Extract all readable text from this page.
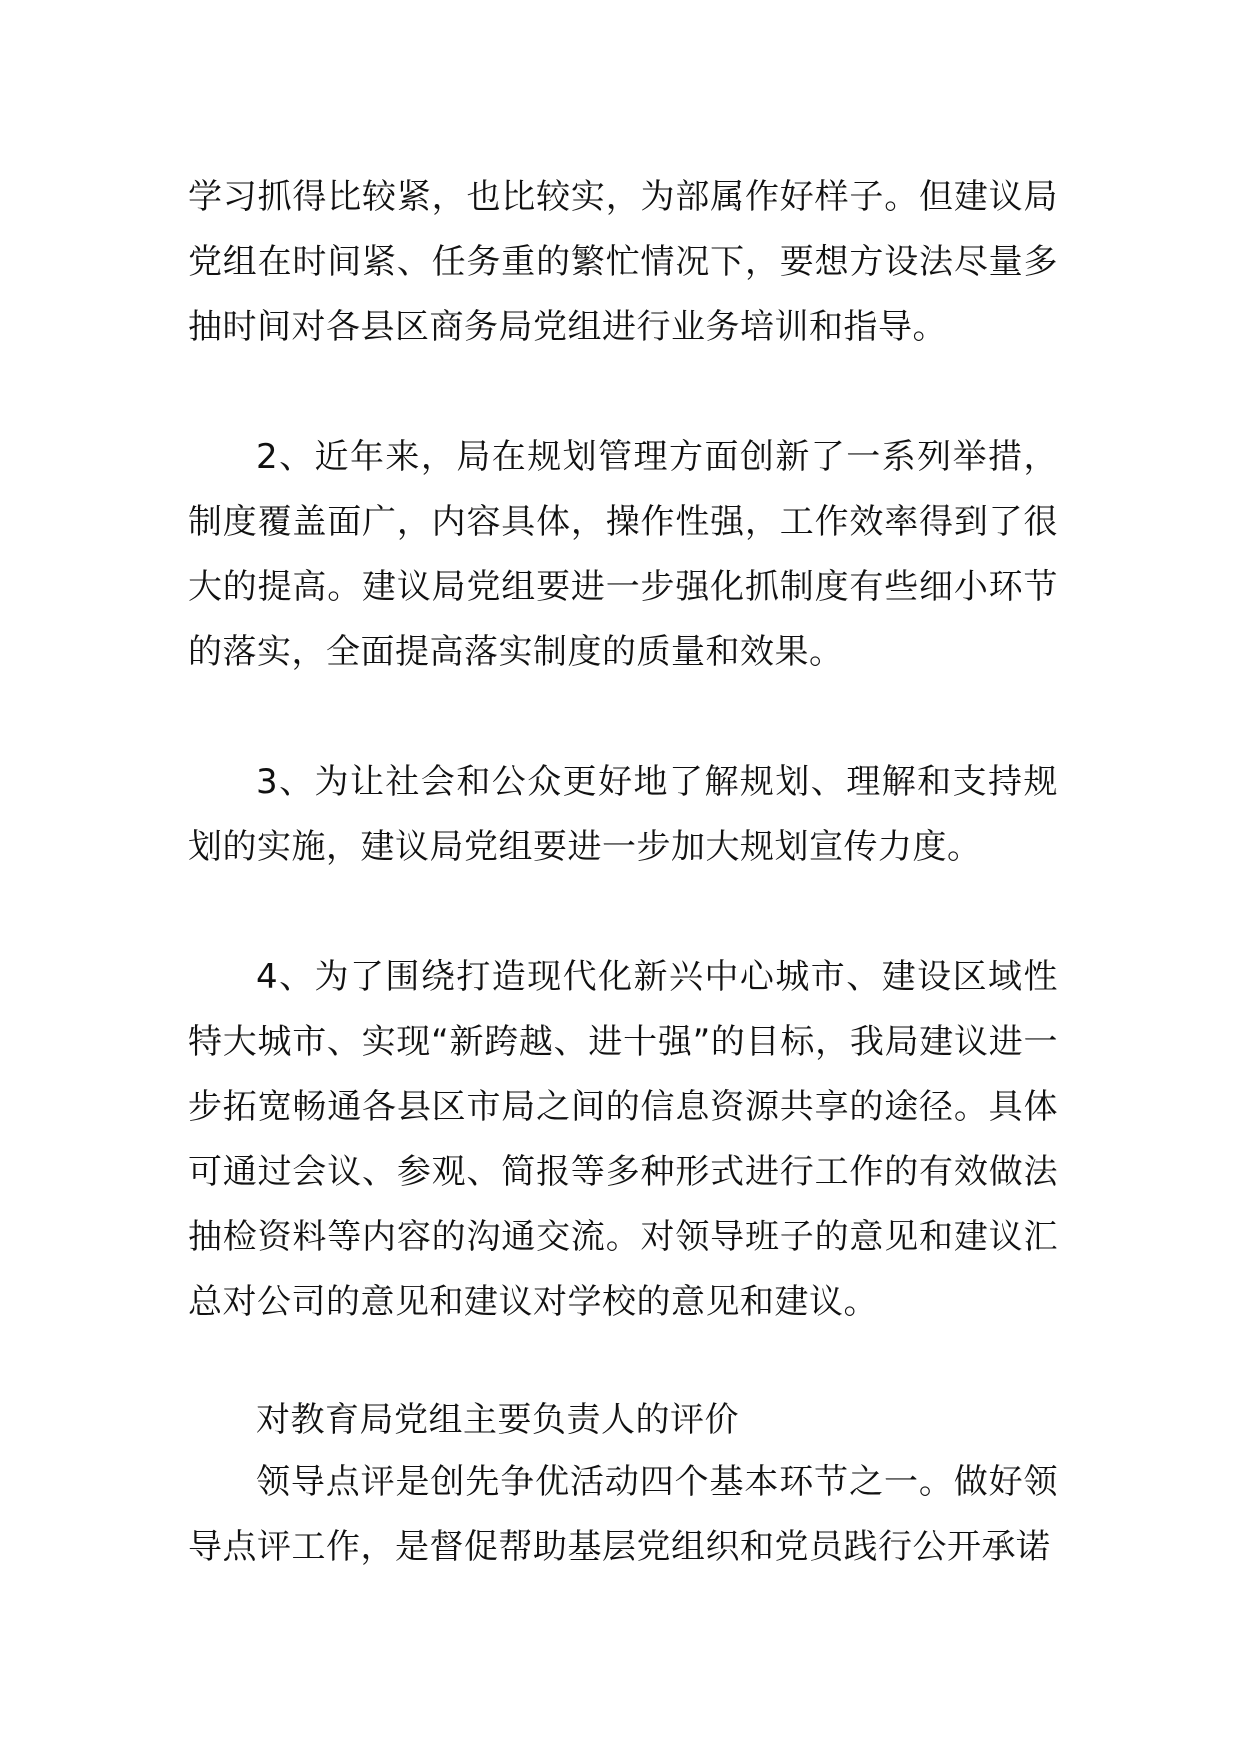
学习抓得比较紧，也比较实，为部属作好样子。但建议局党组在时间紧、任务重的繁忙情况下，要想方设法尽量多抽时间对各县区商务局党组进行业务培训和指导。

2、近年来，局在规划管理方面创新了一系列举措，制度覆盖面广，内容具体，操作性强，工作效率得到了很大的提高。建议局党组要进一步强化抓制度有些细小环节的落实，全面提高落实制度的质量和效果。

3、为让社会和公众更好地了解规划、理解和支持规划的实施，建议局党组要进一步加大规划宣传力度。

4、为了围绕打造现代化新兴中心城市、建设区域性特大城市、实现“新跨越、进十强”的目标，我局建议进一步拓宽畅通各县区市局之间的信息资源共享的途径。具体可通过会议、参观、简报等多种形式进行工作的有效做法抽检资料等内容的沟通交流。对领导班子的意见和建议汇总对公司的意见和建议对学校的意见和建议。

对教育局党组主要负责人的评价

领导点评是创先争优活动四个基本环节之一。做好领导点评工作，是督促帮助基层党组织和党员践行公开承诺
